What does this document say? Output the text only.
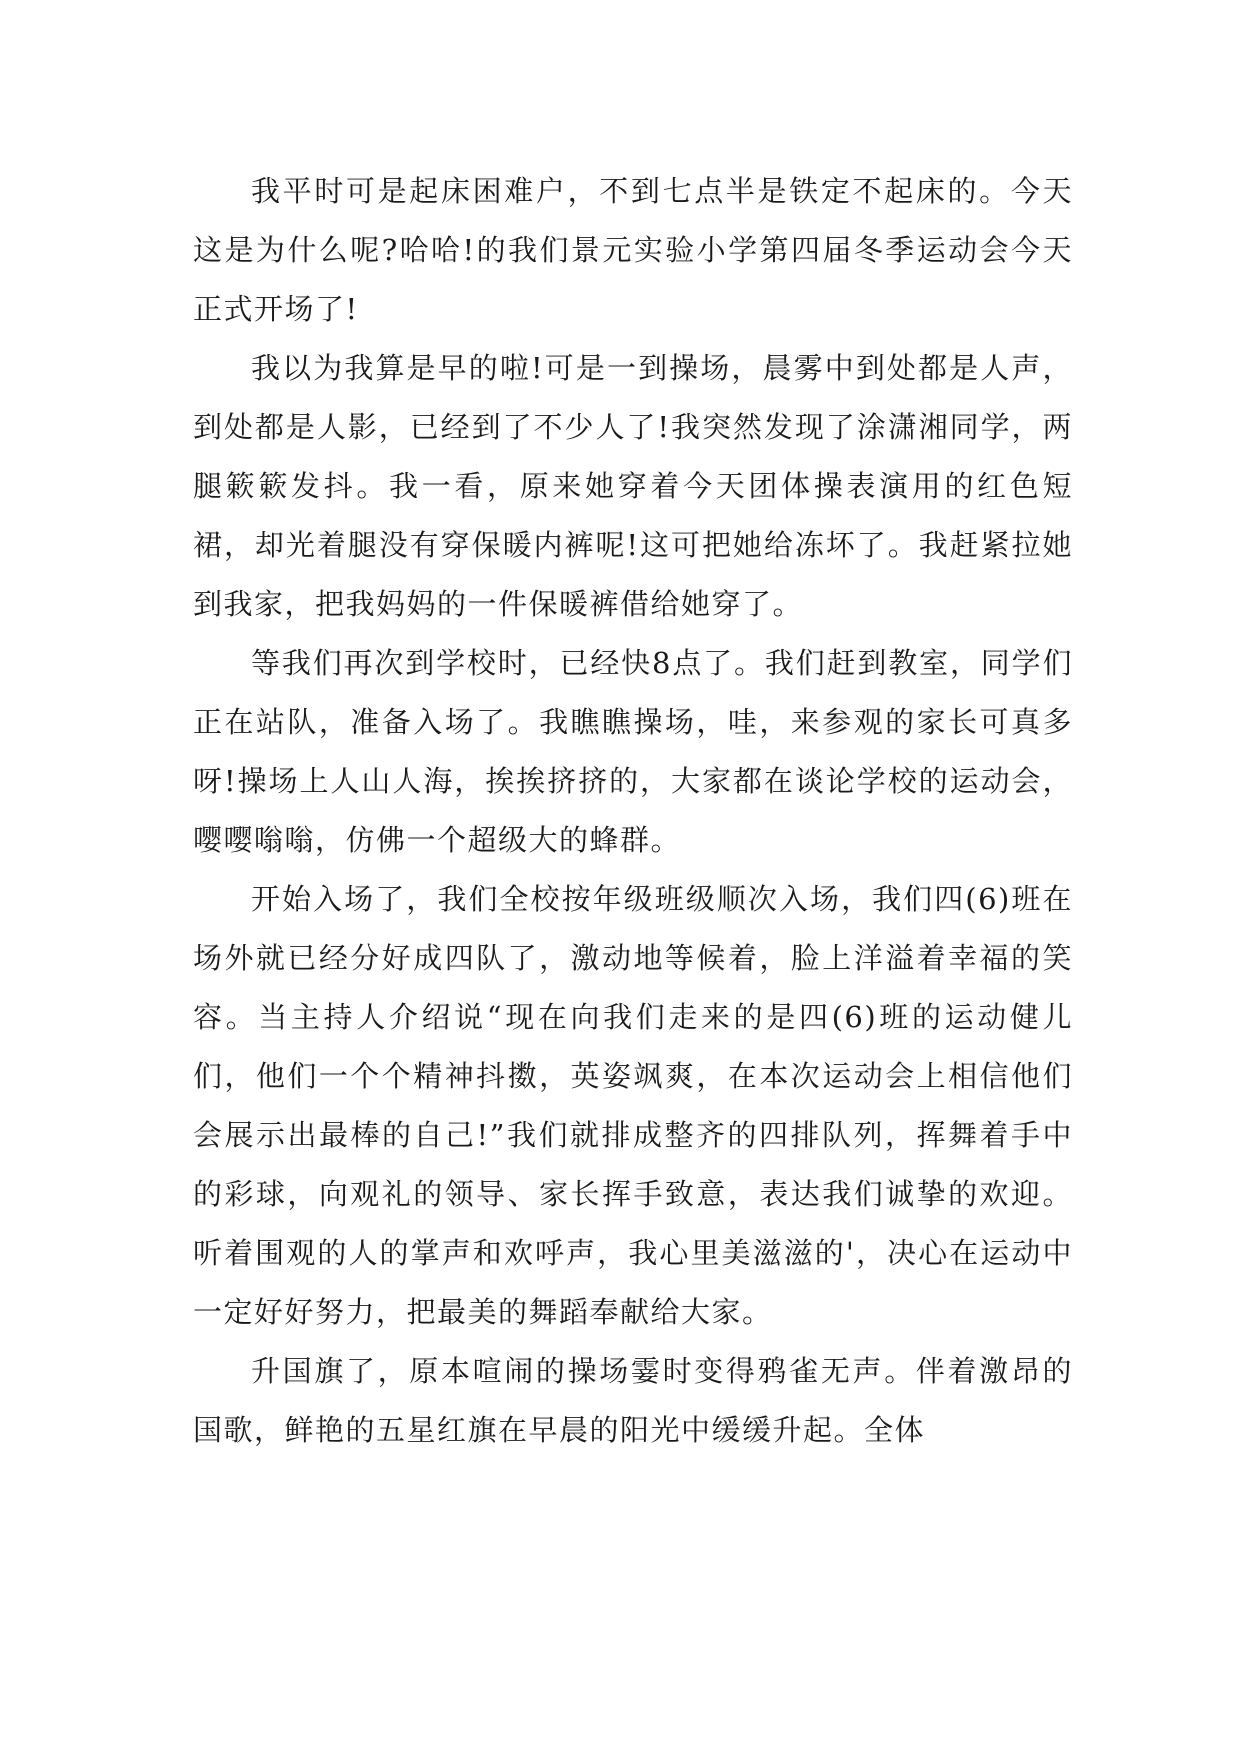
我平时可是起床困难户，不到七点半是铁定不起床的。今天这是为什么呢?哈哈!的我们景元实验小学第四届冬季运动会今天正式开场了!

我以为我算是早的啦!可是一到操场，晨雾中到处都是人声，到处都是人影，已经到了不少人了!我突然发现了涂潇湘同学，两腿簌簌发抖。我一看，原来她穿着今天团体操表演用的红色短裙，却光着腿没有穿保暖内裤呢!这可把她给冻坏了。我赶紧拉她到我家，把我妈妈的一件保暖裤借给她穿了。

等我们再次到学校时，已经快8点了。我们赶到教室，同学们正在站队，准备入场了。我瞧瞧操场，哇，来参观的家长可真多呀!操场上人山人海，挨挨挤挤的，大家都在谈论学校的运动会，嘤嘤嗡嗡，仿佛一个超级大的蜂群。

开始入场了，我们全校按年级班级顺次入场，我们四(6)班在场外就已经分好成四队了，激动地等候着，脸上洋溢着幸福的笑容。当主持人介绍说“现在向我们走来的是四(6)班的运动健儿们，他们一个个精神抖擞，英姿飒爽，在本次运动会上相信他们会展示出最棒的自己!”我们就排成整齐的四排队列，挥舞着手中的彩球，向观礼的领导、家长挥手致意，表达我们诚挚的欢迎。听着围观的人的掌声和欢呼声，我心里美滋滋的'，决心在运动中一定好好努力，把最美的舞蹈奉献给大家。

升国旗了，原本喧闹的操场霎时变得鸦雀无声。伴着激昂的国歌，鲜艳的五星红旗在早晨的阳光中缓缓升起。全体
